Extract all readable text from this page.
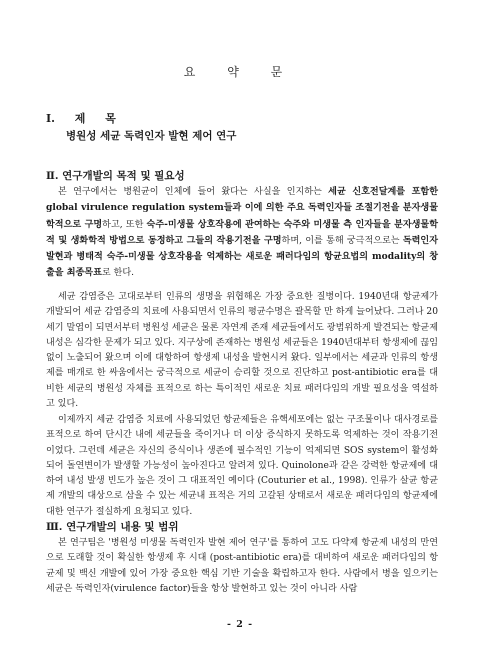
요 약 문
Ⅰ. 제 목
병원성 세균 독력인자 발현 제어 연구
Ⅱ. 연구개발의 목적 및 필요성

본 연구에서는 병원균이 인체에 들어 왔다는 사실을 인지하는 세균 신호전달계를 포함한 global virulence regulation system들과 이에 의한 주요 독력인자들 조절기전을 분자생물학적으로 구명하고, 또한 숙주-미생물 상호작용에 관여하는 숙주와 미생물 측 인자들을 분자생물학적 및 생화학적 방법으로 동정하고 그들의 작용기전을 구명하며, 이를 통해 궁극적으로는 독력인자 발현과 병태적 숙주-미생물 상호작용을 억제하는 새로운 패러다임의 항균요법의 modality의 창출을 최종목표로 한다.

세균 감염증은 고대로부터 인류의 생명을 위협해온 가장 중요한 질병이다. 1940년대 항균제가 개발되어 세균 감염증의 치료에 사용되면서 인류의 평균수명은 괄목할 만 하게 늘어났다. 그러나 20세기 말엽이 되면서부터 병원성 세균은 물론 자연계 존재 세균들에서도 광범위하게 발견되는 항균제 내성은 심각한 문제가 되고 있다. 지구상에 존재하는 병원성 세균들은 1940년대부터 항생제에 끊임없이 노출되어 왔으며 이에 대항하여 항생제 내성을 발현시켜 왔다. 일부에서는 세균과 인류의 항생제를 매개로 한 싸움에서는 궁극적으로 세균이 승리할 것으로 진단하고 post-antibiotic era를 대비한 세균의 병원성 자체를 표적으로 하는 특이적인 새로운 치료 패러다임의 개발 필요성을 역설하고 있다.

이제까지 세균 감염증 치료에 사용되었던 항균제들은 유핵세포에는 없는 구조물이나 대사경로를 표적으로 하여 단시간 내에 세균들을 죽이거나 더 이상 증식하지 못하도록 억제하는 것이 작용기전이었다. 그런데 세균은 자신의 증식이나 생존에 필수적인 기능이 억제되면 SOS system이 활성화되어 돌연변이가 발생할 가능성이 높아진다고 알려져 있다. Quinolone과 같은 강력한 항균제에 대하여 내성 발생 빈도가 높은 것이 그 대표적인 예이다 (Couturier et al., 1998). 인류가 살균 항균제 개발의 대상으로 삼을 수 있는 세균내 표적은 거의 고갈된 상태로서 새로운 패러다임의 항균제에 대한 연구가 절실하게 요청되고 있다.

Ⅲ. 연구개발의 내용 및 범위

본 연구팀은 '병원성 미생물 독력인자 발현 제어 연구'를 통하여 고도 다약제 항균제 내성의 만연으로 도래할 것이 확실한 항생제 후 시대 (post-antibiotic era)를 대비하여 새로운 패러다임의 항균제 및 백신 개발에 있어 가장 중요한 핵심 기반 기술을 확립하고자 한다. 사람에서 병을 일으키는 세균은 독력인자(virulence factor)들을 항상 발현하고 있는 것이 아니라 사람

- 2 -
